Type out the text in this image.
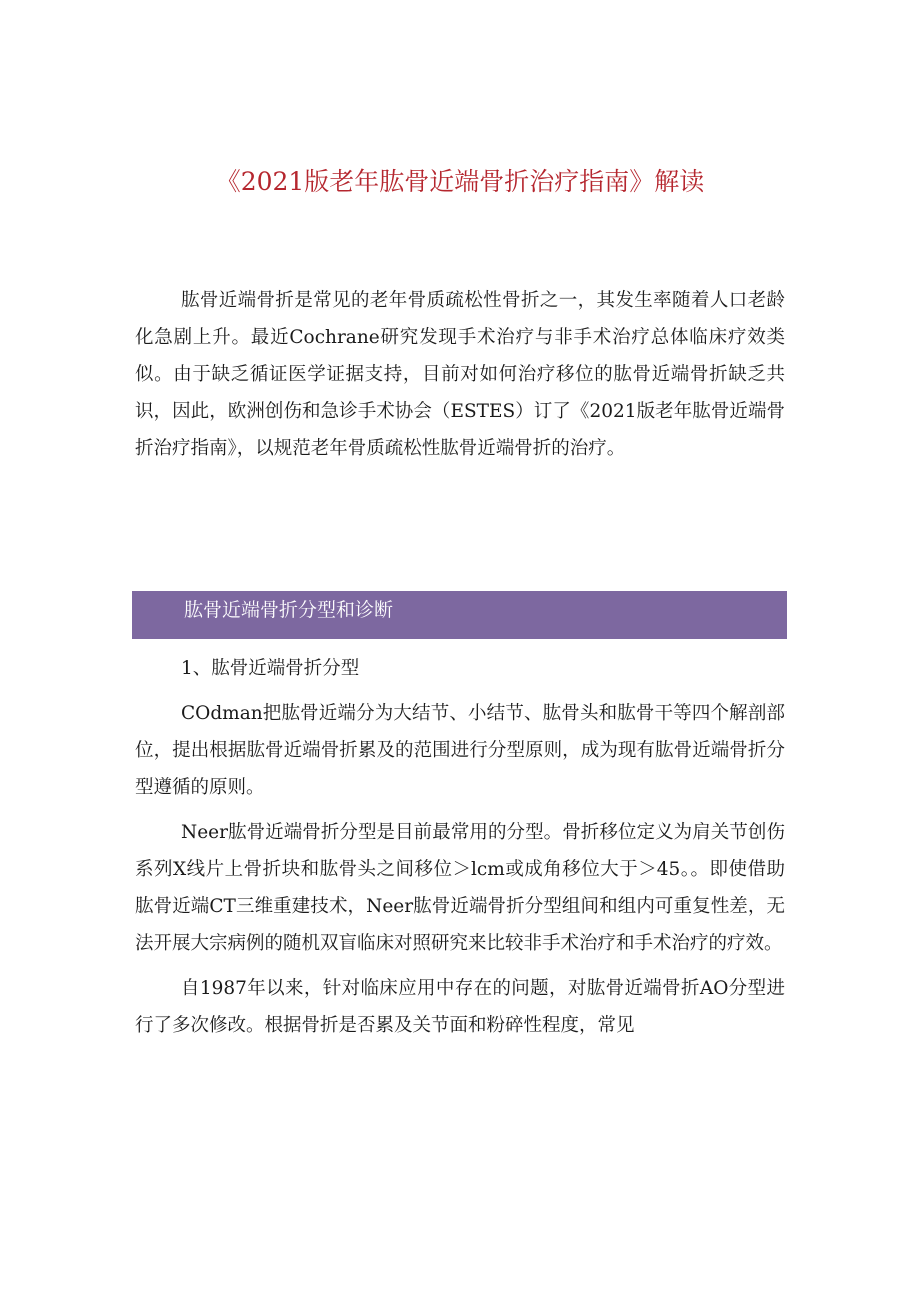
《2021版老年肱骨近端骨折治疗指南》解读

肱骨近端骨折是常见的老年骨质疏松性骨折之一，其发生率随着人口老龄化急剧上升。最近Cochrane研究发现手术治疗与非手术治疗总体临床疗效类似。由于缺乏循证医学证据支持，目前对如何治疗移位的肱骨近端骨折缺乏共识，因此，欧洲创伤和急诊手术协会（ESTES）订了《2021版老年肱骨近端骨折治疗指南》，以规范老年骨质疏松性肱骨近端骨折的治疗。

肱骨近端骨折分型和诊断
1、肱骨近端骨折分型

COdman把肱骨近端分为大结节、小结节、肱骨头和肱骨干等四个解剖部位，提出根据肱骨近端骨折累及的范围进行分型原则，成为现有肱骨近端骨折分型遵循的原则。

Neer肱骨近端骨折分型是目前最常用的分型。骨折移位定义为肩关节创伤系列X线片上骨折块和肱骨头之间移位＞lcm或成角移位大于＞45。。即使借助肱骨近端CT三维重建技术，Neer肱骨近端骨折分型组间和组内可重复性差，无法开展大宗病例的随机双盲临床对照研究来比较非手术治疗和手术治疗的疗效。

自1987年以来，针对临床应用中存在的问题，对肱骨近端骨折AO分型进行了多次修改。根据骨折是否累及关节面和粉碎性程度，常见
